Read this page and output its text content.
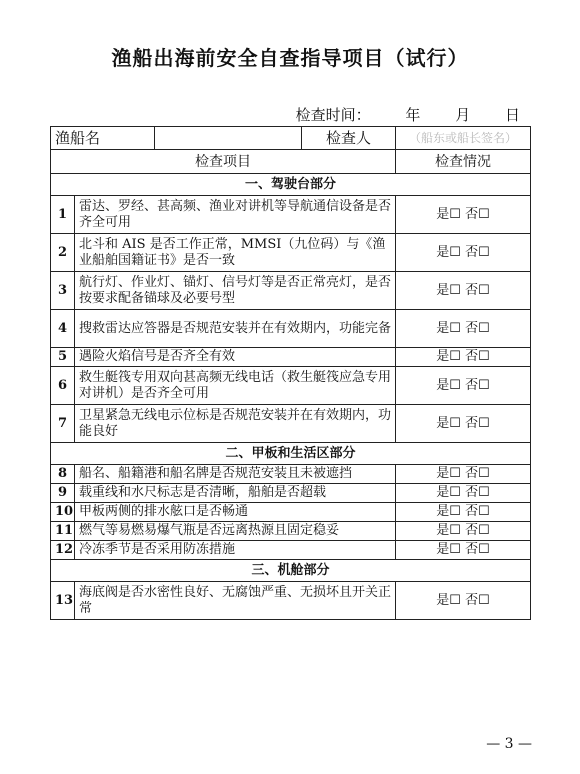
渔船出海前安全自查指导项目（试行）
检查时间： 年 月 日
渔船名			检查人	（船东或船长签名）
检查项目				检查情况
一、驾驶台部分				
1	雷达、罗经、甚高频、渔业对讲机等导航通信设备是否齐全可用			是☐ 否☐
2	北斗和 AIS 是否工作正常，MMSI（九位码）与《渔业船舶国籍证书》是否一致			是☐ 否☐
3	航行灯、作业灯、锚灯、信号灯等是否正常亮灯，是否按要求配备锚球及必要号型			是☐ 否☐
4	搜救雷达应答器是否规范安装并在有效期内，功能完备			是☐ 否☐
5	遇险火焰信号是否齐全有效			是☐ 否☐
6	救生艇筏专用双向甚高频无线电话（救生艇筏应急专用对讲机）是否齐全可用			是☐ 否☐
7	卫星紧急无线电示位标是否规范安装并在有效期内，功能良好			是☐ 否☐
二、甲板和生活区部分				
8	船名、船籍港和船名牌是否规范安装且未被遮挡			是☐ 否☐
9	载重线和水尺标志是否清晰，船舶是否超载			是☐ 否☐
10	甲板两侧的排水舷口是否畅通			是☐ 否☐
11	燃气等易燃易爆气瓶是否远离热源且固定稳妥			是☐ 否☐
12	冷冻季节是否采用防冻措施			是☐ 否☐
三、机舱部分				
13	海底阀是否水密性良好、无腐蚀严重、无损坏且开关正常			是☐ 否☐
— 3 —
